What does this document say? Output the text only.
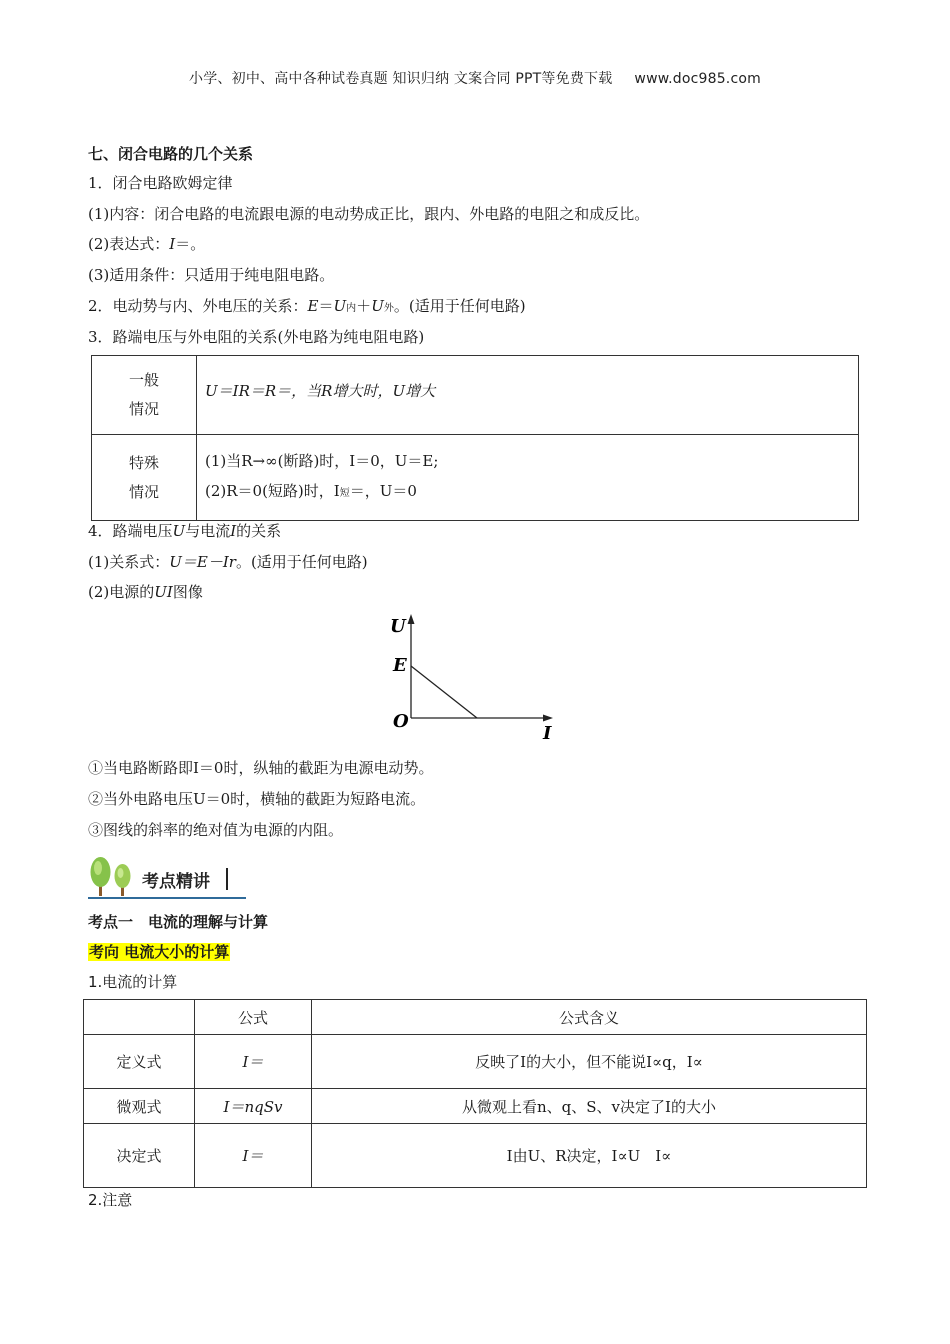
小学、初中、高中各种试卷真题 知识归纳 文案合同 PPT等免费下载 www.doc985.com
七、闭合电路的几个关系
1．闭合电路欧姆定律
(1)内容：闭合电路的电流跟电源的电动势成正比，跟内、外电路的电阻之和成反比。
(2)表达式：I＝。
(3)适用条件：只适用于纯电阻电路。
2．电动势与内、外电压的关系：E＝U内＋U外。(适用于任何电路)
3．路端电压与外电阻的关系(外电路为纯电阻电路)
一般
情况	U＝IR＝R＝，当R增大时，U增大
特殊
情况	(1)当R→∞(断路)时，I＝0，U＝E;
(2)R＝0(短路)时，I短＝，U＝0
4．路端电压U与电流I的关系
(1)关系式：U＝E－Ir。(适用于任何电路)
(2)电源的UI图像
U
E
O
I
①当电路断路即I＝0时，纵轴的截距为电源电动势。
②当外电路电压U＝0时，横轴的截距为短路电流。
③图线的斜率的绝对值为电源的内阻。
考点精讲
考点一　电流的理解与计算
考向 电流大小的计算
1.电流的计算
	公式	公式含义
定义式	I＝	反映了I的大小，但不能说I∝q，I∝
微观式	I＝nqSv	从微观上看n、q、S、v决定了I的大小
决定式	I＝	I由U、R决定，I∝U　I∝
2.注意
